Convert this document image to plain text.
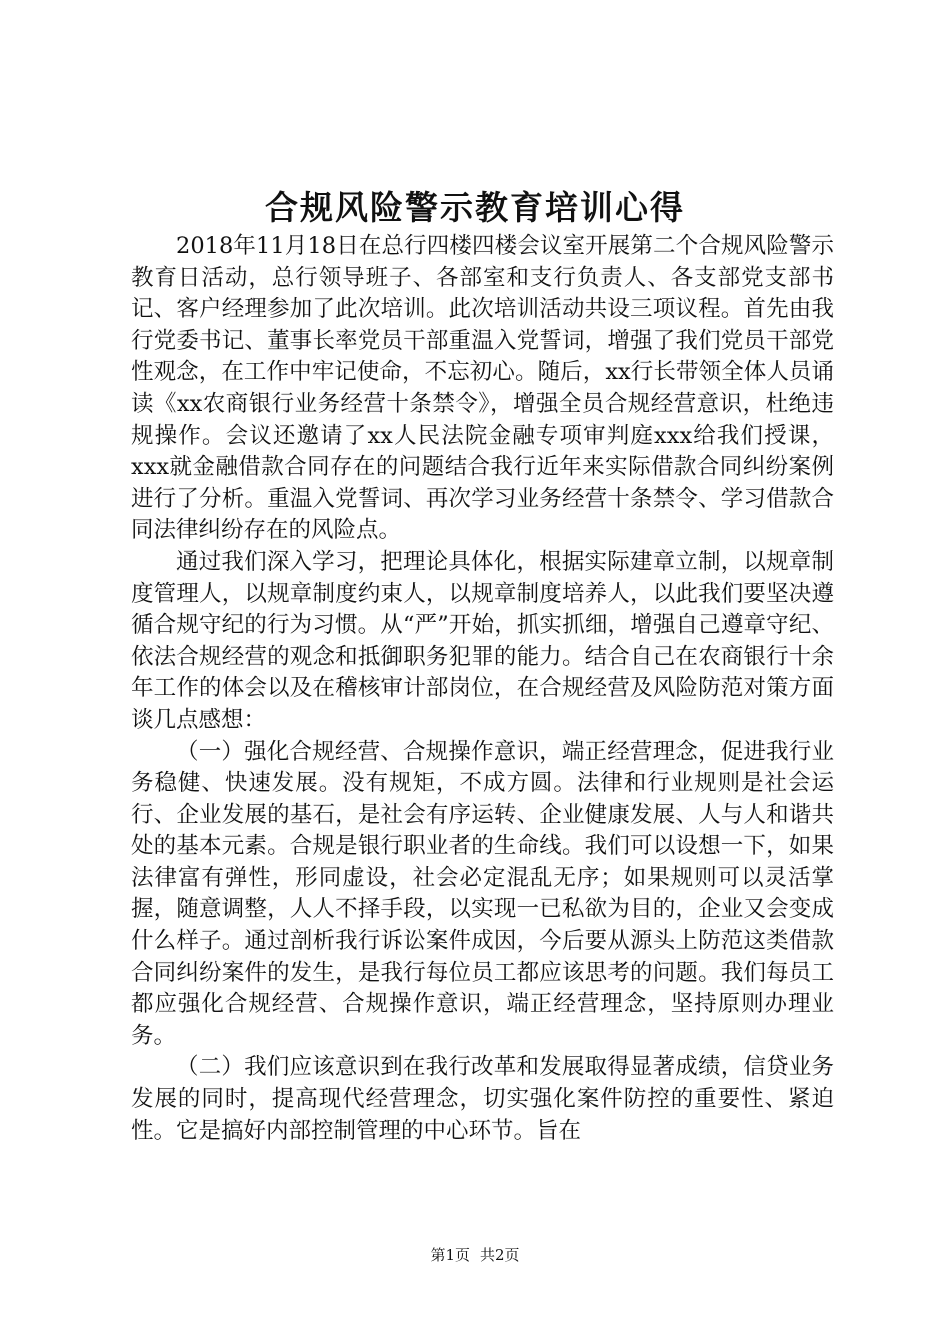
合规风险警示教育培训心得

2018年11月18日在总行四楼四楼会议室开展第二个合规风险警示教育日活动，总行领导班子、各部室和支行负责人、各支部党支部书记、客户经理参加了此次培训。此次培训活动共设三项议程。首先由我行党委书记、董事长率党员干部重温入党誓词，增强了我们党员干部党性观念，在工作中牢记使命，不忘初心。随后，xx行长带领全体人员诵读《xx农商银行业务经营十条禁令》，增强全员合规经营意识，杜绝违规操作。会议还邀请了xx人民法院金融专项审判庭xxx给我们授课，xxx就金融借款合同存在的问题结合我行近年来实际借款合同纠纷案例进行了分析。重温入党誓词、再次学习业务经营十条禁令、学习借款合同法律纠纷存在的风险点。

通过我们深入学习，把理论具体化，根据实际建章立制，以规章制度管理人，以规章制度约束人，以规章制度培养人，以此我们要坚决遵循合规守纪的行为习惯。从“严”开始，抓实抓细，增强自己遵章守纪、依法合规经营的观念和抵御职务犯罪的能力。结合自己在农商银行十余年工作的体会以及在稽核审计部岗位，在合规经营及风险防范对策方面谈几点感想：

（一）强化合规经营、合规操作意识，端正经营理念，促进我行业务稳健、快速发展。没有规矩，不成方圆。法律和行业规则是社会运行、企业发展的基石，是社会有序运转、企业健康发展、人与人和谐共处的基本元素。合规是银行职业者的生命线。我们可以设想一下，如果法律富有弹性，形同虚设，社会必定混乱无序；如果规则可以灵活掌握，随意调整，人人不择手段，以实现一已私欲为目的，企业又会变成什么样子。通过剖析我行诉讼案件成因，今后要从源头上防范这类借款合同纠纷案件的发生，是我行每位员工都应该思考的问题。我们每员工都应强化合规经营、合规操作意识，端正经营理念，坚持原则办理业务。

（二）我们应该意识到在我行改革和发展取得显著成绩，信贷业务发展的同时，提高现代经营理念，切实强化案件防控的重要性、紧迫性。它是搞好内部控制管理的中心环节。旨在

第1页 共2页
